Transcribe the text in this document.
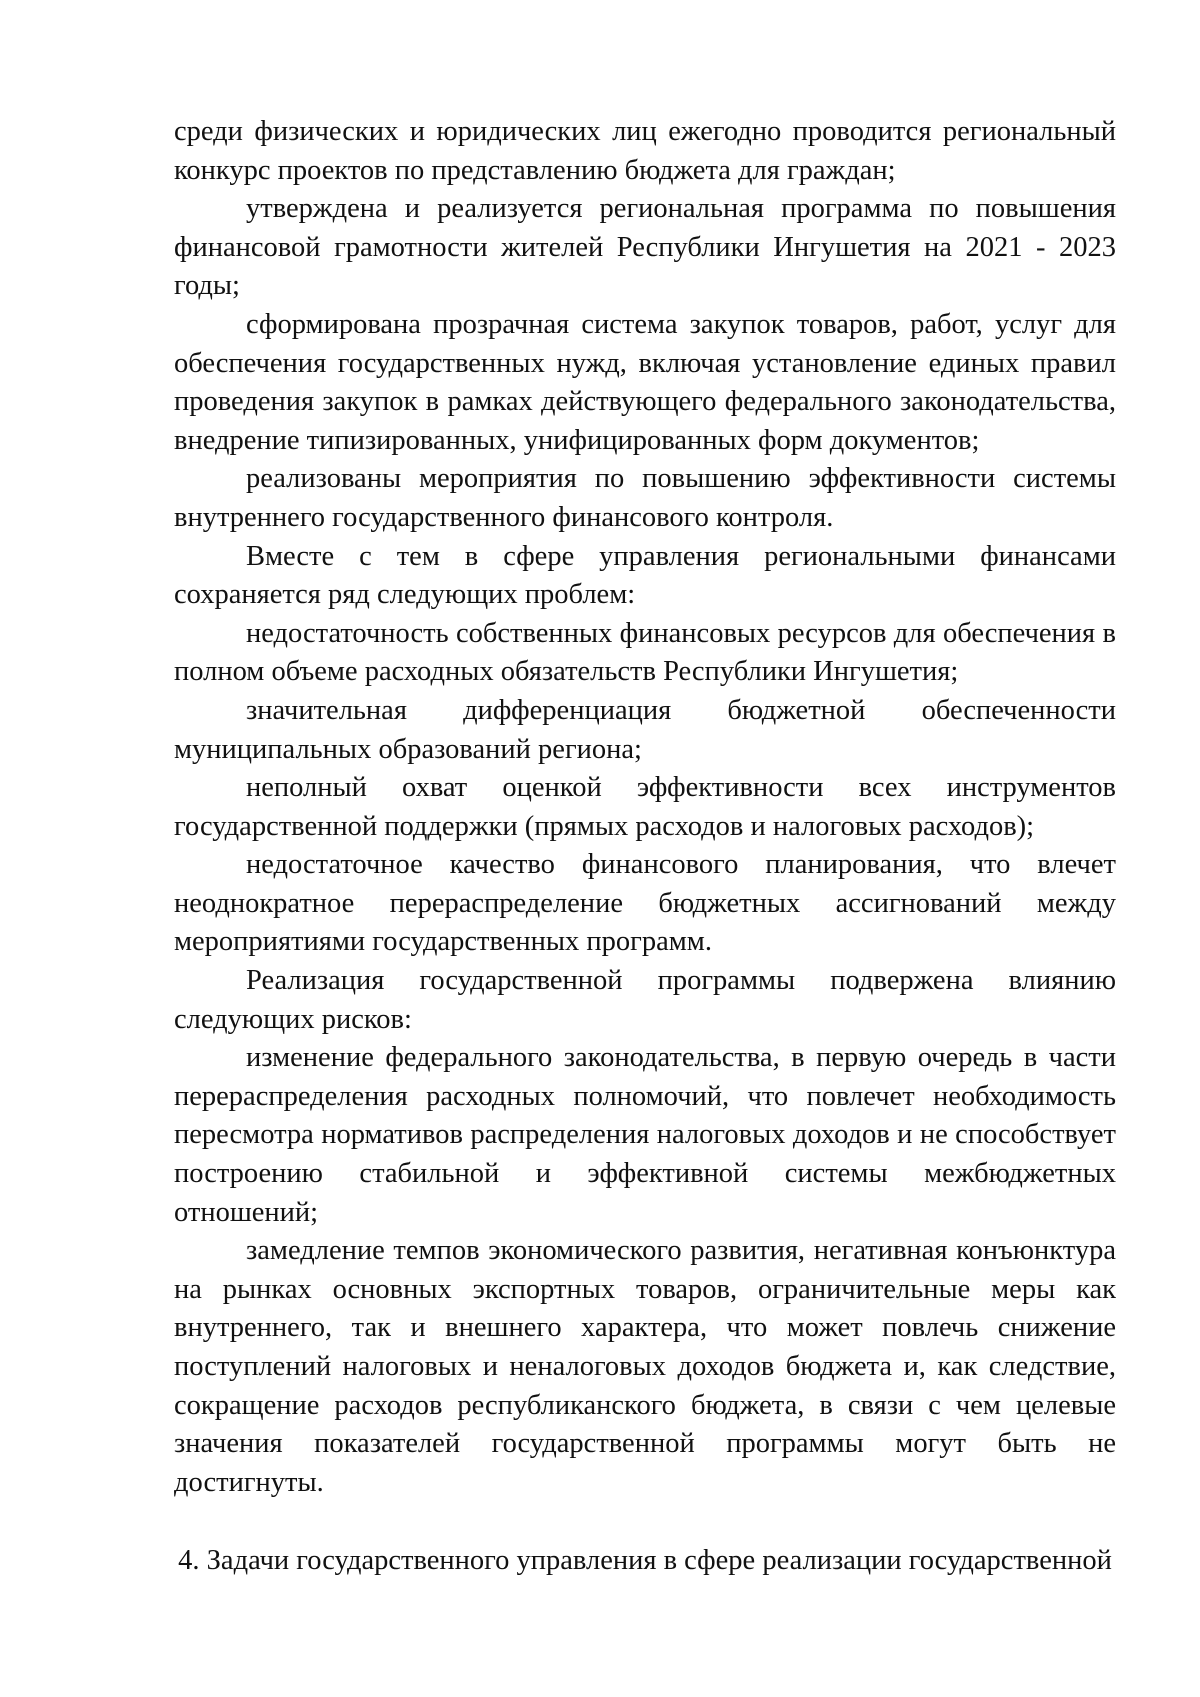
среди физических и юридических лиц ежегодно проводится региональный конкурс проектов по представлению бюджета для граждан;

утверждена и реализуется региональная программа по повышения финансовой грамотности жителей Республики Ингушетия на 2021 - 2023 годы;

сформирована прозрачная система закупок товаров, работ, услуг для обеспечения государственных нужд, включая установление единых правил проведения закупок в рамках действующего федерального законодательства, внедрение типизированных, унифицированных форм документов;

реализованы мероприятия по повышению эффективности системы внутреннего государственного финансового контроля.

Вместе с тем в сфере управления региональными финансами сохраняется ряд следующих проблем:

недостаточность собственных финансовых ресурсов для обеспечения в полном объеме расходных обязательств Республики Ингушетия;

значительная дифференциация бюджетной обеспеченности муниципальных образований региона;

неполный охват оценкой эффективности всех инструментов государственной поддержки (прямых расходов и налоговых расходов);

недостаточное качество финансового планирования, что влечет неоднократное перераспределение бюджетных ассигнований между мероприятиями государственных программ.

Реализация государственной программы подвержена влиянию следующих рисков:

изменение федерального законодательства, в первую очередь в части перераспределения расходных полномочий, что повлечет необходимость пересмотра нормативов распределения налоговых доходов и не способствует построению стабильной и эффективной системы межбюджетных отношений;

замедление темпов экономического развития, негативная конъюнктура на рынках основных экспортных товаров, ограничительные меры как внутреннего, так и внешнего характера, что может повлечь снижение поступлений налоговых и неналоговых доходов бюджета и, как следствие, сокращение расходов республиканского бюджета, в связи с чем целевые значения показателей государственной программы могут быть не достигнуты.

4. Задачи государственного управления в сфере реализации государственной
